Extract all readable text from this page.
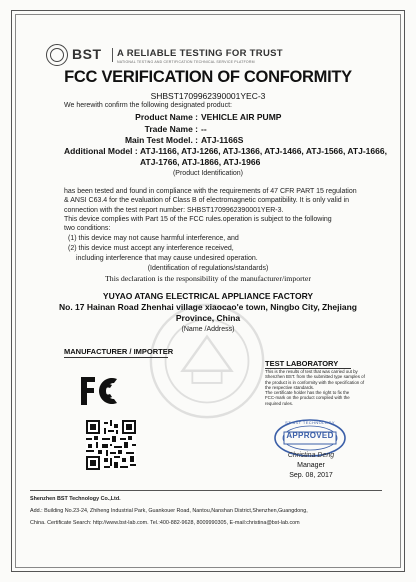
BST A RELIABLE TESTING FOR TRUST
NATIONAL TESTING AND CERTIFICATION TECHNICAL SERVICE PLATFORM
FCC VERIFICATION OF CONFORMITY
SHBST1709962390001YEC-3
We herewith confirm the following designated product:
Product Name : VEHICLE AIR PUMP
Trade Name : --
Main Test Model. : ATJ-1166S
Additional Model : ATJ-1166, ATJ-1266, ATJ-1366, ATJ-1466, ATJ-1566, ATJ-1666,
ATJ-1766, ATJ-1866, ATJ-1966
(Product Identification)
has been tested and found in compliance with the requirements of 47 CFR PART 15 regulation
& ANSI C63.4 for the evaluation of Class B of electromagnetic compatibility. It is only valid in
connection with the test report number: SHBST1709962390001YER-3.
This device complies with Part 15 of the FCC rules.operation is subject to the following
two conditions:
(1) this device may not cause harmful interference, and
(2) this device must accept any interference received,
including interference that may cause undesired operation.
(Identification of regulations/standards)
This declaration is the responsibility of the manufacturer/importer
YUYAO ATANG ELECTRICAL APPLIANCE FACTORY
No. 17 Hainan Road Zhenhai village xiaocao'e town, Ningbo City, Zhejiang
Province, China
(Name /Address)
MANUFACTURER / IMPORTER
TEST LABORATORY
This is the results of test that was carried out by
Shenzhen BST. from the submitted type samples of
the product is in conformity with the specification of
the respective standards.
The certificate holder has the right to fix the
FCC-mark on the product complied with the
required rules.
APPROVED
SZ BST TECHNOLOGY
Christina Deng
Manager
Sep. 08, 2017
Shenzhen BST Technology Co.,Ltd.
Add.: Building No.23-24, Zhiheng Industrial Park, Guankouer Road, Nantou,Nanshan District,Shenzhen,Guangdong,
China. Certificate Search: http://www.bst-lab.com. Tel.:400-882-9628, 8009990305, E-mail:christina@bst-lab.com
